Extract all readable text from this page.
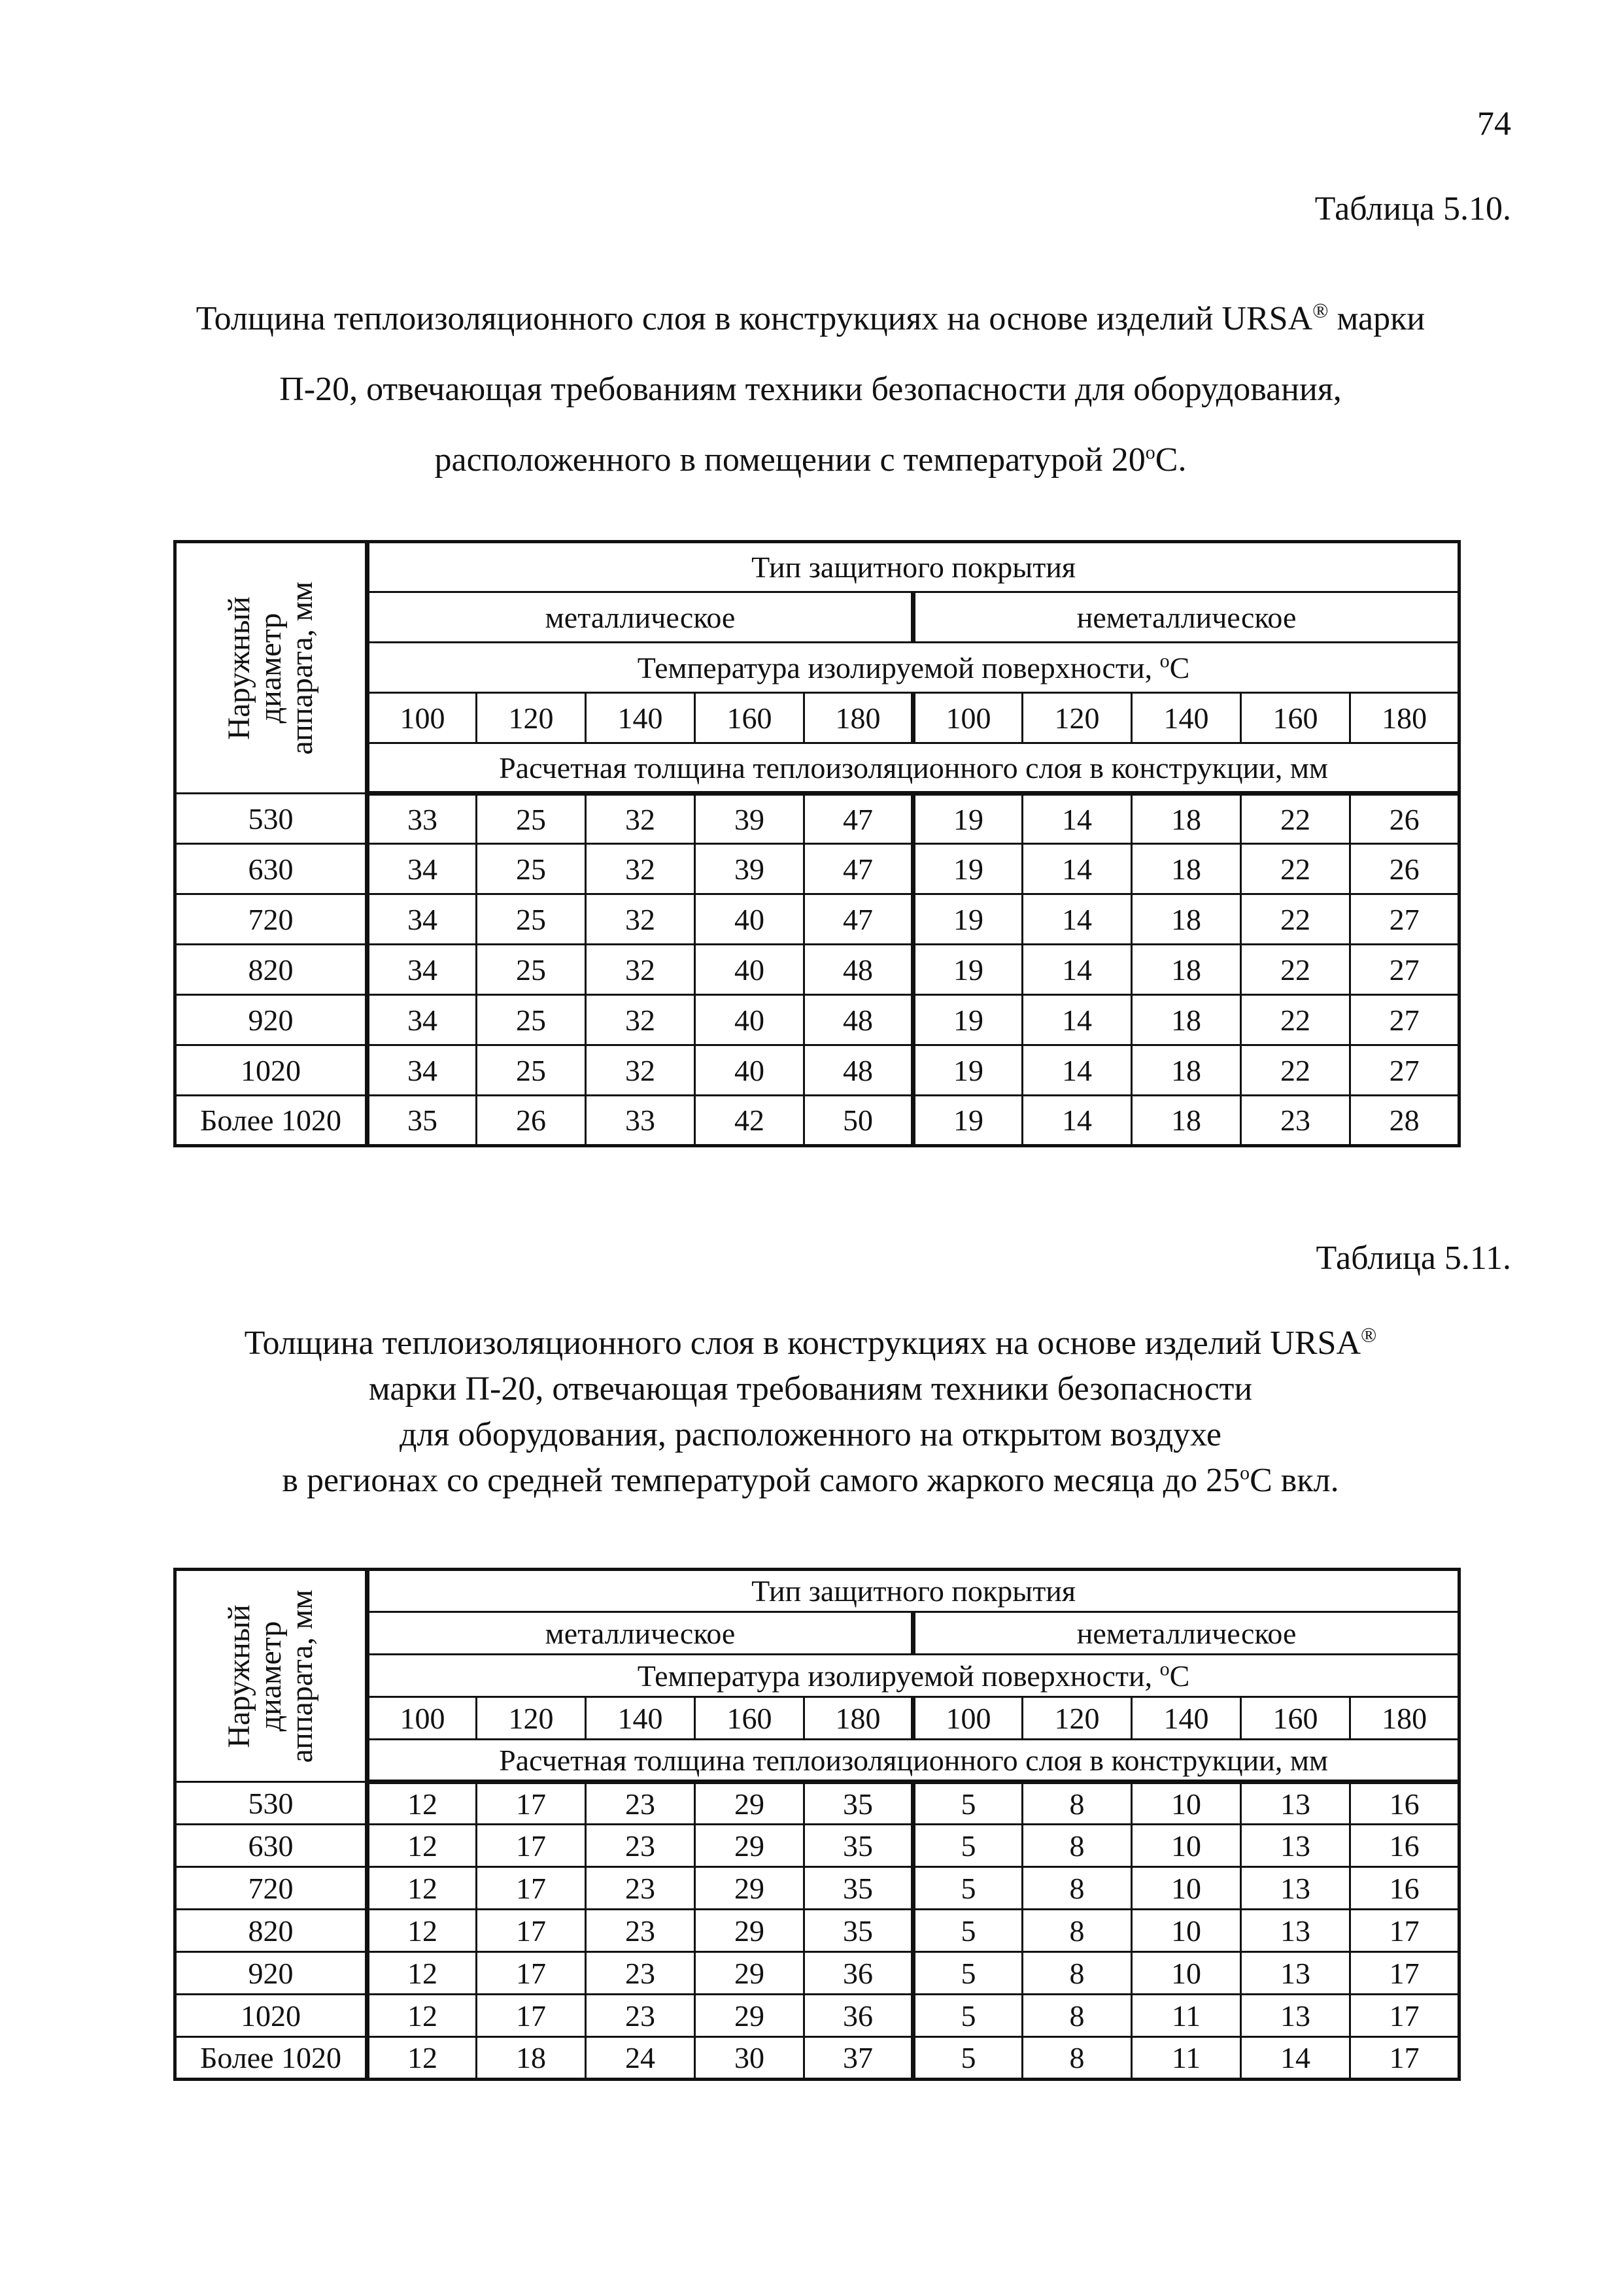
74
Таблица 5.10.
Толщина теплоизоляционного слоя в конструкциях на основе изделий URSA® марки
П-20, отвечающая требованиям техники безопасности для оборудования,
расположенного в помещении с температурой $20^оС$.
Наружный
диаметр
аппарата, мм	Тип защитного покрытия									
	металлическое					неметаллическое				
	Температура изолируемой поверхности, $^о$С									
	100	120	140	160	180	100	120	140	160	180
	Расчетная толщина теплоизоляционного слоя в конструкции, мм									
530	33	25	32	39	47	19	14	18	22	26
630	34	25	32	39	47	19	14	18	22	26
720	34	25	32	40	47	19	14	18	22	27
820	34	25	32	40	48	19	14	18	22	27
920	34	25	32	40	48	19	14	18	22	27
1020	34	25	32	40	48	19	14	18	22	27
Более 1020	35	26	33	42	50	19	14	18	23	28
Таблица 5.11.
Толщина теплоизоляционного слоя в конструкциях на основе изделий URSA®
марки П-20, отвечающая требованиям техники безопасности
для оборудования, расположенного на открытом воздухе
в регионах со средней температурой самого жаркого месяца до $25^оС$ вкл.
Наружный
диаметр
аппарата, мм	Тип защитного покрытия									
	металлическое					неметаллическое				
	Температура изолируемой поверхности, $^о$С									
	100	120	140	160	180	100	120	140	160	180
	Расчетная толщина теплоизоляционного слоя в конструкции, мм									
530	12	17	23	29	35	5	8	10	13	16
630	12	17	23	29	35	5	8	10	13	16
720	12	17	23	29	35	5	8	10	13	16
820	12	17	23	29	35	5	8	10	13	17
920	12	17	23	29	36	5	8	10	13	17
1020	12	17	23	29	36	5	8	11	13	17
Более 1020	12	18	24	30	37	5	8	11	14	17
